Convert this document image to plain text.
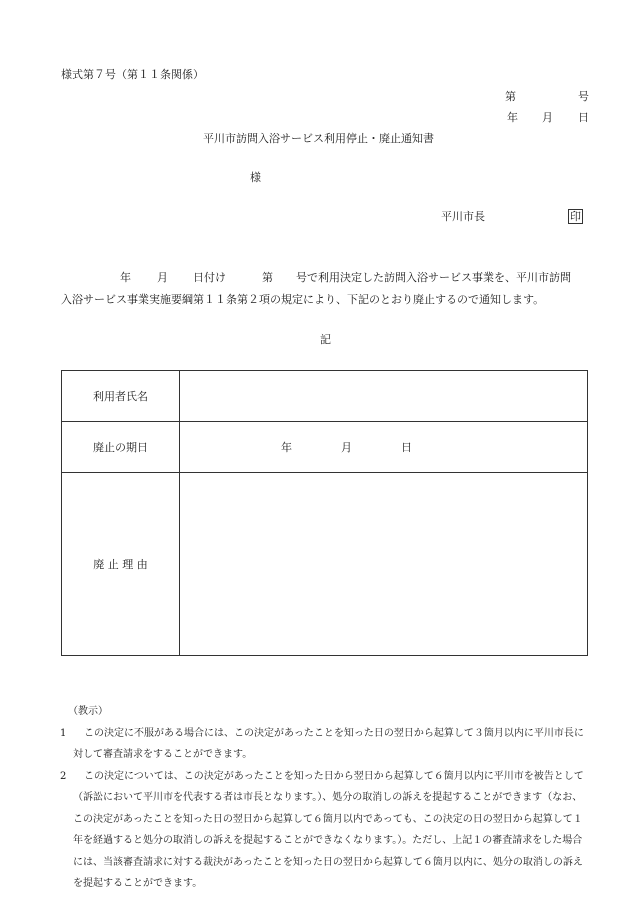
様式第７号（第１１条関係）
第	号
年 月 日
平川市訪問入浴サービス利用停止・廃止通知書
様
平川市長	印
年 月 日付け	第 号で利用決定した訪問入浴サービス事業を、平川市訪問
入浴サービス事業実施要綱第１１条第２項の規定により、下記のとおり廃止するので通知します。
記
利用者氏名	
廃止の期日	年 月 日

廃 止 理 由	
（教示）
1	この決定に不服がある場合には、この決定があったことを知った日の翌日から起算して３箇月以内に平川市長に対して審査請求をすることができます。
2	この決定については、この決定があったことを知った日から翌日から起算して６箇月以内に平川市を被告として（訴訟において平川市を代表する者は市長となります。）、処分の取消しの訴えを提起することができます（なお、この決定があったことを知った日の翌日から起算して６箇月以内であっても、この決定の日の翌日から起算して１年を経過すると処分の取消しの訴えを提起することができなくなります。）。ただし、上記１の審査請求をした場合には、当該審査請求に対する裁決があったことを知った日の翌日から起算して６箇月以内に、処分の取消しの訴えを提起することができます。
